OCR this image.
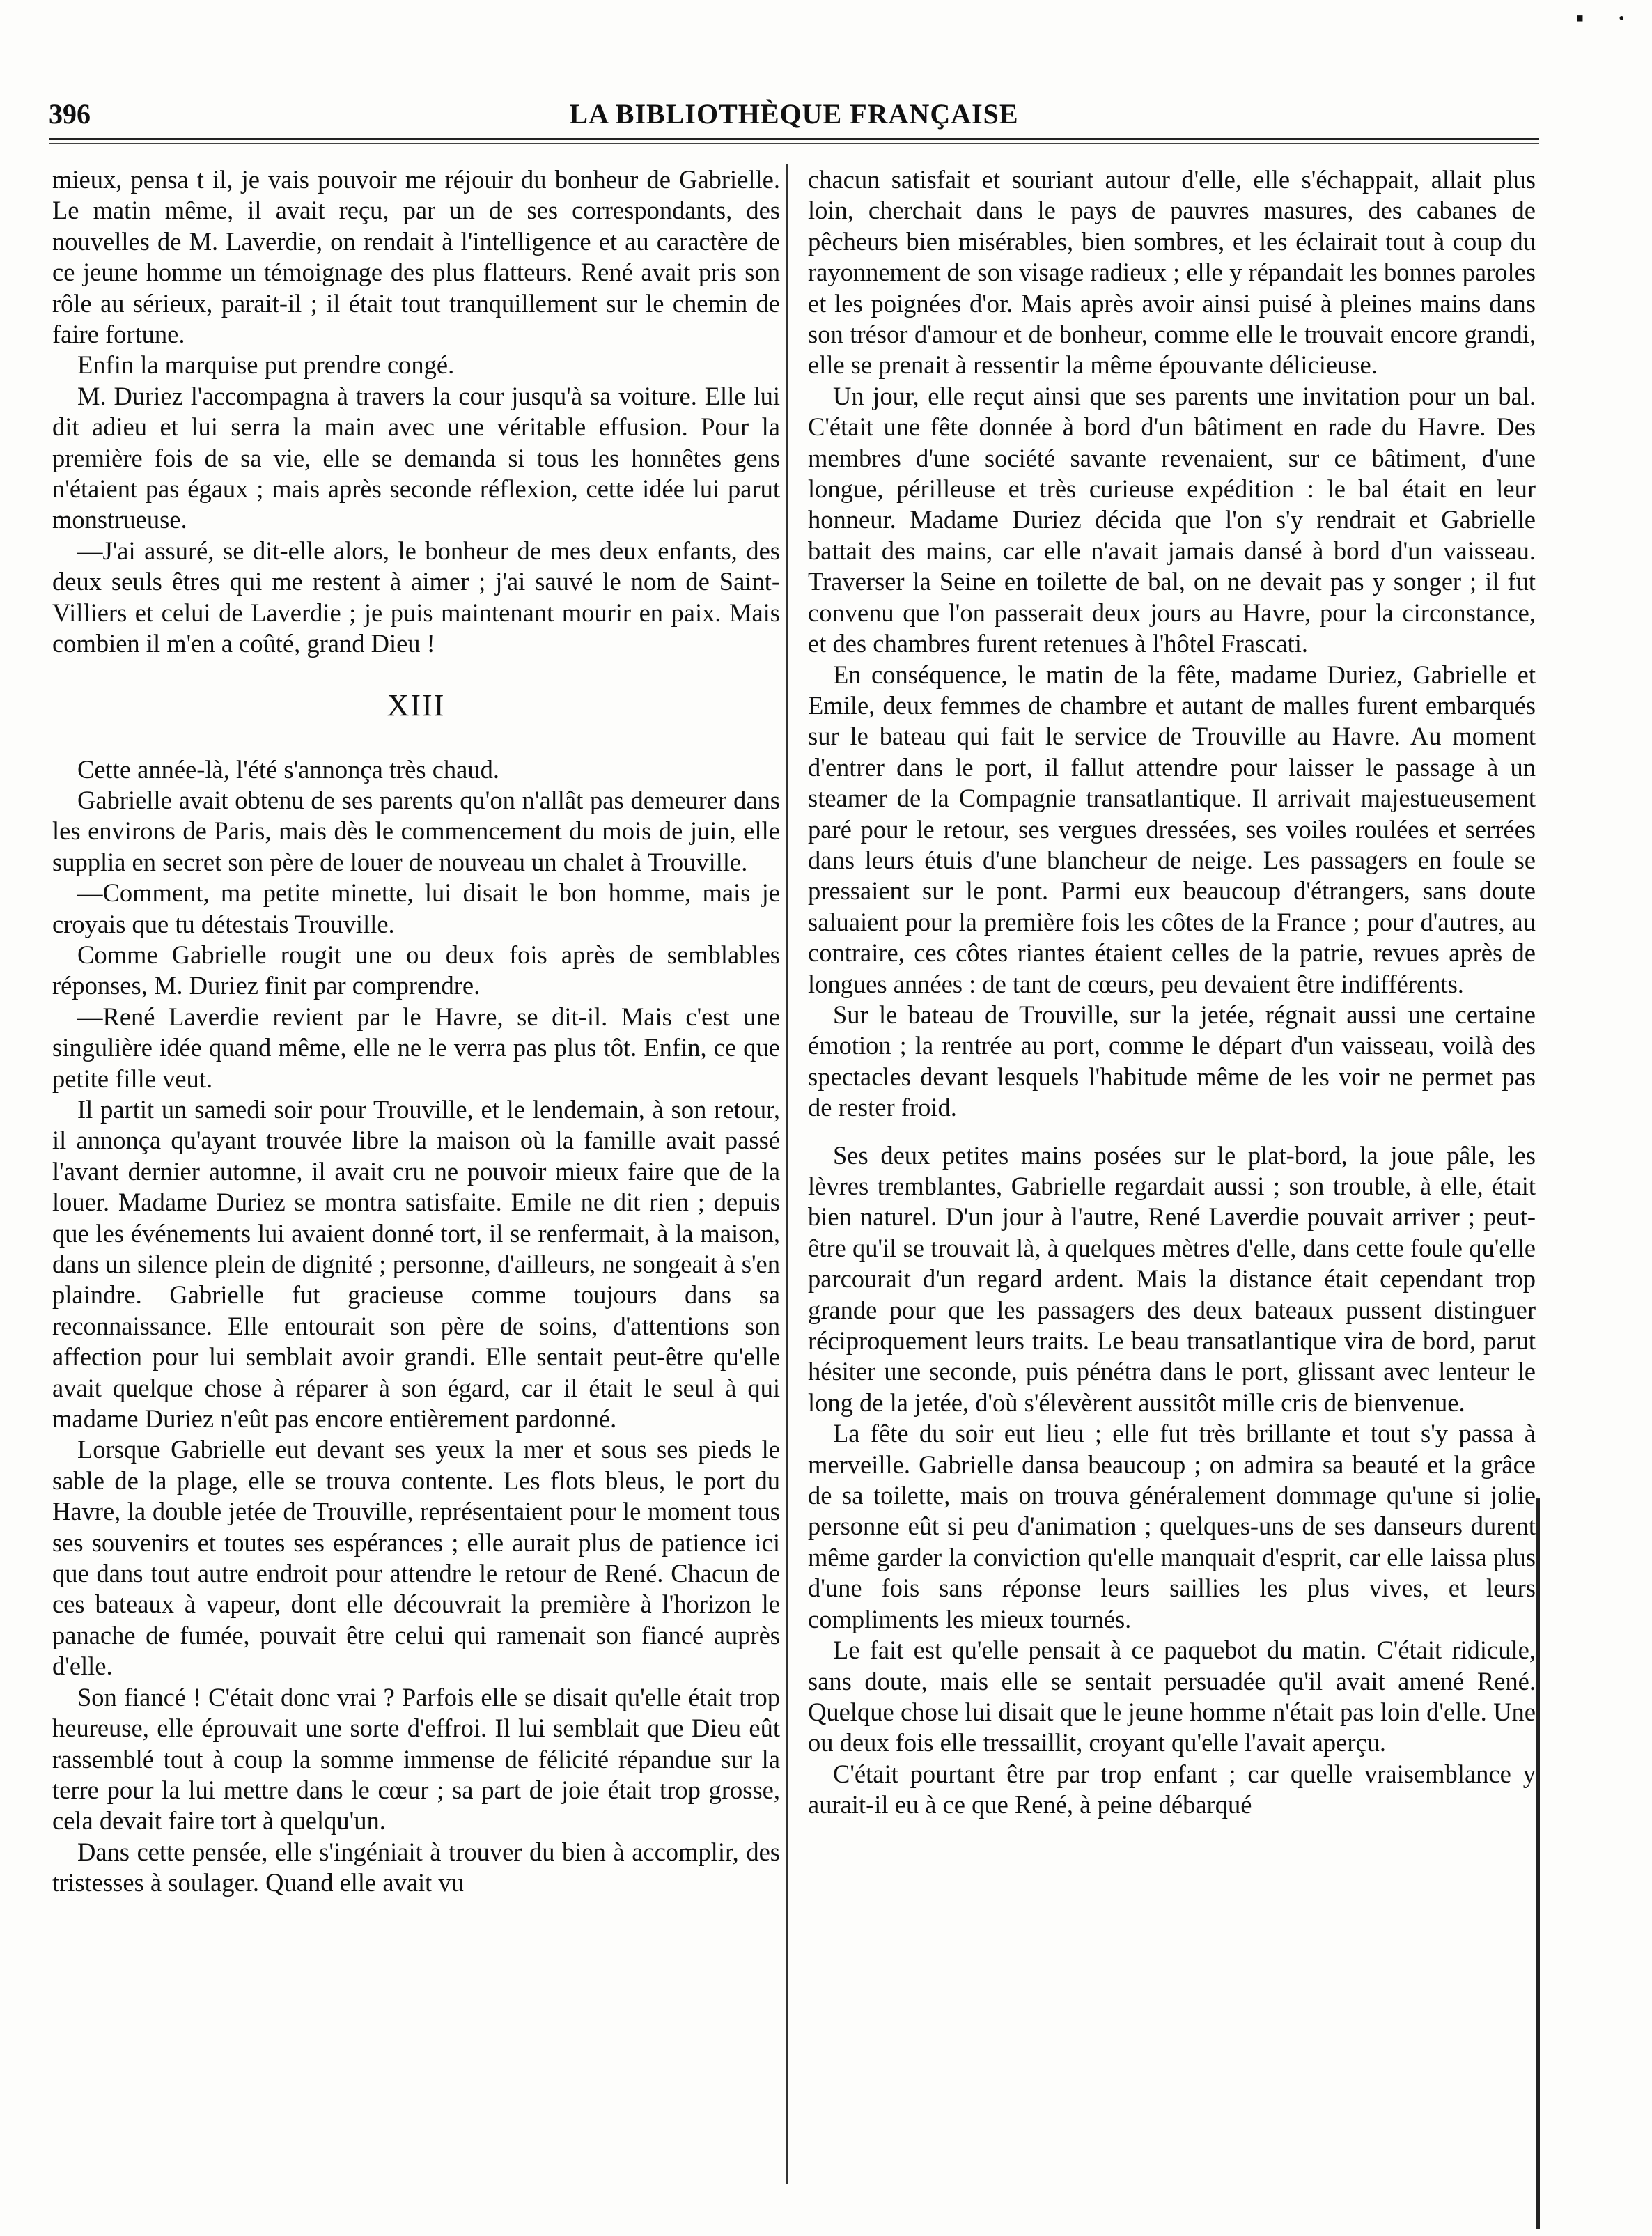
▪ ·
LA BIBLIOTHÈQUE FRANÇAISE
396

mieux, pensa t il, je vais pouvoir me réjouir du bonheur de Gabrielle. Le matin même, il avait reçu, par un de ses correspondants, des nouvelles de M. Laverdie, on rendait à l'intelligence et au caractère de ce jeune homme un témoignage des plus flatteurs. René avait pris son rôle au sérieux, parait-il ; il était tout tranquillement sur le chemin de faire fortune.

Enfin la marquise put prendre congé.

M. Duriez l'accompagna à travers la cour jusqu'à sa voiture. Elle lui dit adieu et lui serra la main avec une véritable effusion. Pour la première fois de sa vie, elle se demanda si tous les honnêtes gens n'étaient pas égaux ; mais après seconde réflexion, cette idée lui parut monstrueuse.

—J'ai assuré, se dit-elle alors, le bonheur de mes deux enfants, des deux seuls êtres qui me restent à aimer ; j'ai sauvé le nom de Saint-Villiers et celui de Laverdie ; je puis maintenant mourir en paix. Mais combien il m'en a coûté, grand Dieu !

XIII

Cette année-là, l'été s'annonça très chaud.

Gabrielle avait obtenu de ses parents qu'on n'allât pas demeurer dans les environs de Paris, mais dès le commencement du mois de juin, elle supplia en secret son père de louer de nouveau un chalet à Trouville.

—Comment, ma petite minette, lui disait le bon homme, mais je croyais que tu détestais Trouville.

Comme Gabrielle rougit une ou deux fois après de semblables réponses, M. Duriez finit par comprendre.

—René Laverdie revient par le Havre, se dit-il. Mais c'est une singulière idée quand même, elle ne le verra pas plus tôt. Enfin, ce que petite fille veut.

Il partit un samedi soir pour Trouville, et le lendemain, à son retour, il annonça qu'ayant trouvée libre la maison où la famille avait passé l'avant dernier automne, il avait cru ne pouvoir mieux faire que de la louer. Madame Duriez se montra satisfaite. Emile ne dit rien ; depuis que les événements lui avaient donné tort, il se renfermait, à la maison, dans un silence plein de dignité ; personne, d'ailleurs, ne songeait à s'en plaindre. Gabrielle fut gracieuse comme toujours dans sa reconnaissance. Elle entourait son père de soins, d'attentions son affection pour lui semblait avoir grandi. Elle sentait peut-être qu'elle avait quelque chose à réparer à son égard, car il était le seul à qui madame Duriez n'eût pas encore entièrement pardonné.

Lorsque Gabrielle eut devant ses yeux la mer et sous ses pieds le sable de la plage, elle se trouva contente. Les flots bleus, le port du Havre, la double jetée de Trouville, représentaient pour le moment tous ses souvenirs et toutes ses espérances ; elle aurait plus de patience ici que dans tout autre endroit pour attendre le retour de René. Chacun de ces bateaux à vapeur, dont elle découvrait la première à l'horizon le panache de fumée, pouvait être celui qui ramenait son fiancé auprès d'elle.

Son fiancé ! C'était donc vrai ? Parfois elle se disait qu'elle était trop heureuse, elle éprouvait une sorte d'effroi. Il lui semblait que Dieu eût rassemblé tout à coup la somme immense de félicité répandue sur la terre pour la lui mettre dans le cœur ; sa part de joie était trop grosse, cela devait faire tort à quelqu'un.

Dans cette pensée, elle s'ingéniait à trouver du bien à accomplir, des tristesses à soulager. Quand elle avait vu

chacun satisfait et souriant autour d'elle, elle s'échappait, allait plus loin, cherchait dans le pays de pauvres masures, des cabanes de pêcheurs bien misérables, bien sombres, et les éclairait tout à coup du rayonnement de son visage radieux ; elle y répandait les bonnes paroles et les poignées d'or. Mais après avoir ainsi puisé à pleines mains dans son trésor d'amour et de bonheur, comme elle le trouvait encore grandi, elle se prenait à ressentir la même épouvante délicieuse.

Un jour, elle reçut ainsi que ses parents une invitation pour un bal. C'était une fête donnée à bord d'un bâtiment en rade du Havre. Des membres d'une société savante revenaient, sur ce bâtiment, d'une longue, périlleuse et très curieuse expédition : le bal était en leur honneur. Madame Duriez décida que l'on s'y rendrait et Gabrielle battait des mains, car elle n'avait jamais dansé à bord d'un vaisseau. Traverser la Seine en toilette de bal, on ne devait pas y songer ; il fut convenu que l'on passerait deux jours au Havre, pour la circonstance, et des chambres furent retenues à l'hôtel Frascati.

En conséquence, le matin de la fête, madame Duriez, Gabrielle et Emile, deux femmes de chambre et autant de malles furent embarqués sur le bateau qui fait le service de Trouville au Havre. Au moment d'entrer dans le port, il fallut attendre pour laisser le passage à un steamer de la Compagnie transatlantique. Il arrivait majestueusement paré pour le retour, ses vergues dressées, ses voiles roulées et serrées dans leurs étuis d'une blancheur de neige. Les passagers en foule se pressaient sur le pont. Parmi eux beaucoup d'étrangers, sans doute saluaient pour la première fois les côtes de la France ; pour d'autres, au contraire, ces côtes riantes étaient celles de la patrie, revues après de longues années : de tant de cœurs, peu devaient être indifférents.

Sur le bateau de Trouville, sur la jetée, régnait aussi une certaine émotion ; la rentrée au port, comme le départ d'un vaisseau, voilà des spectacles devant lesquels l'habitude même de les voir ne permet pas de rester froid.

Ses deux petites mains posées sur le plat-bord, la joue pâle, les lèvres tremblantes, Gabrielle regardait aussi ; son trouble, à elle, était bien naturel. D'un jour à l'autre, René Laverdie pouvait arriver ; peut-être qu'il se trouvait là, à quelques mètres d'elle, dans cette foule qu'elle parcourait d'un regard ardent. Mais la distance était cependant trop grande pour que les passagers des deux bateaux pussent distinguer réciproquement leurs traits. Le beau transatlantique vira de bord, parut hésiter une seconde, puis pénétra dans le port, glissant avec lenteur le long de la jetée, d'où s'élevèrent aussitôt mille cris de bienvenue.

La fête du soir eut lieu ; elle fut très brillante et tout s'y passa à merveille. Gabrielle dansa beaucoup ; on admira sa beauté et la grâce de sa toilette, mais on trouva généralement dommage qu'une si jolie personne eût si peu d'animation ; quelques-uns de ses danseurs durent même garder la conviction qu'elle manquait d'esprit, car elle laissa plus d'une fois sans réponse leurs saillies les plus vives, et leurs compliments les mieux tournés.

Le fait est qu'elle pensait à ce paquebot du matin. C'était ridicule, sans doute, mais elle se sentait persuadée qu'il avait amené René. Quelque chose lui disait que le jeune homme n'était pas loin d'elle. Une ou deux fois elle tressaillit, croyant qu'elle l'avait aperçu.

C'était pourtant être par trop enfant ; car quelle vraisemblance y aurait-il eu à ce que René, à peine débarqué
